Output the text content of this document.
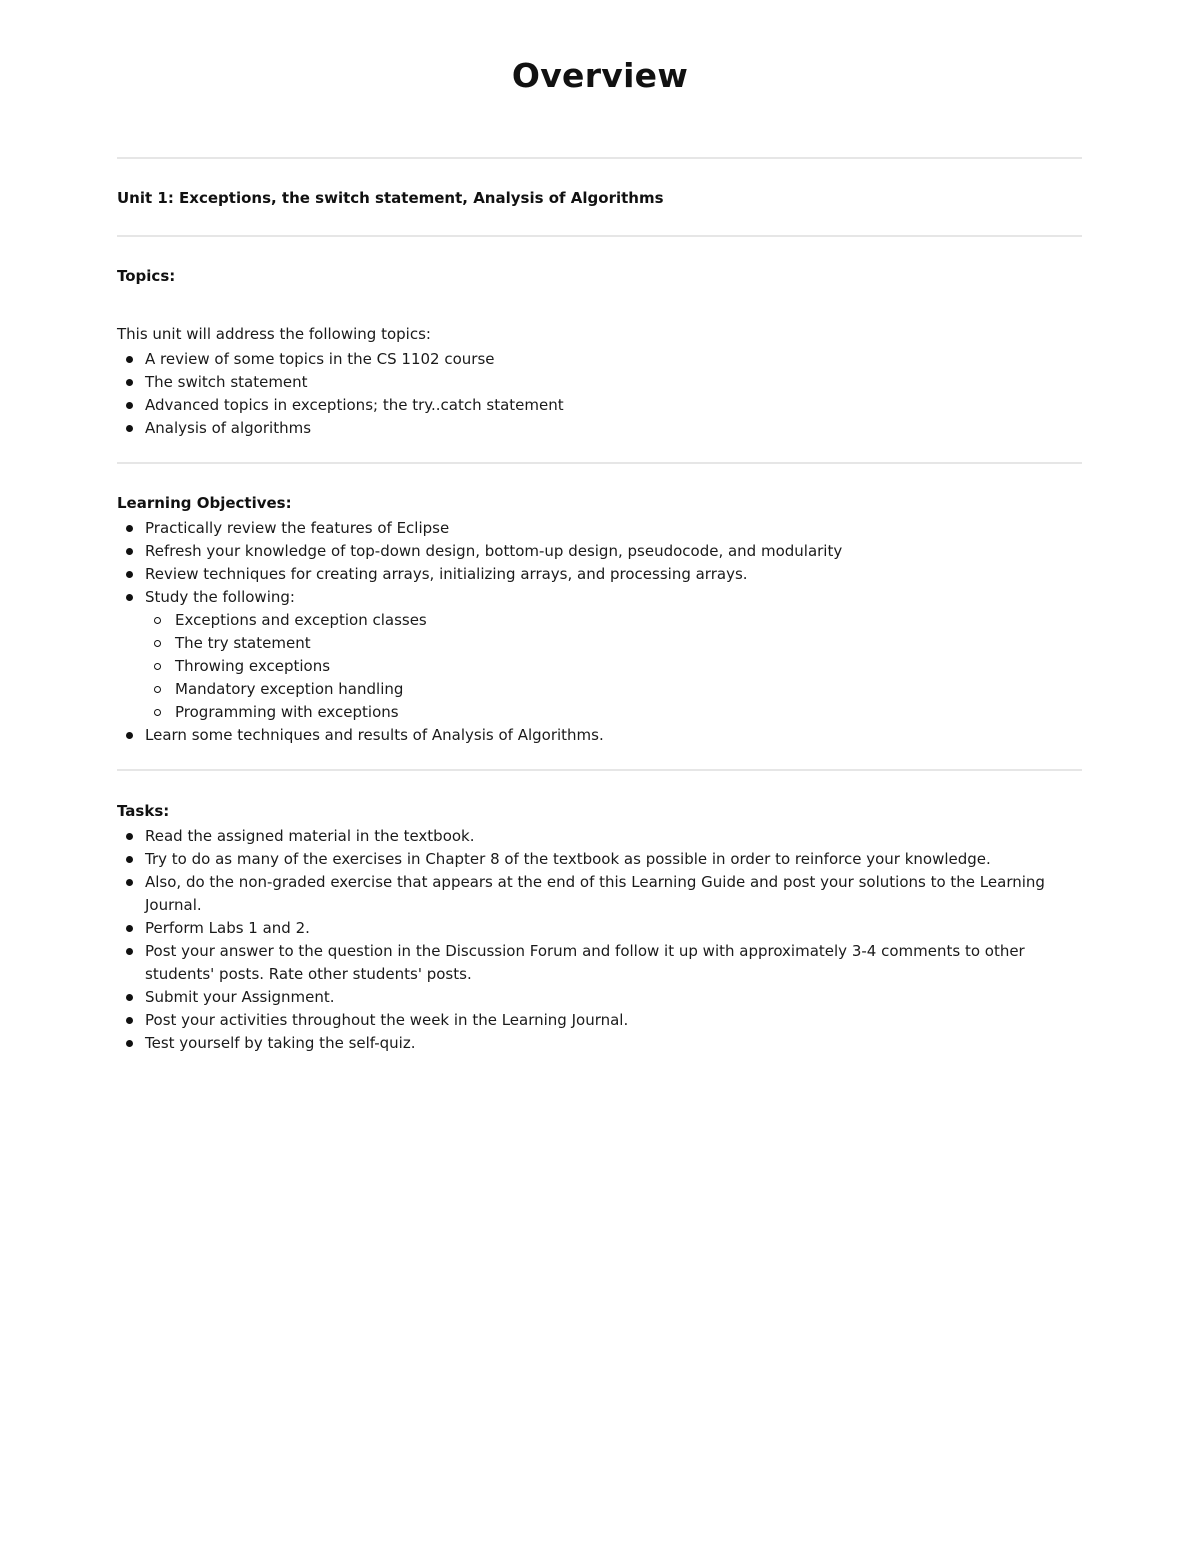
Overview
Unit 1: Exceptions, the switch statement, Analysis of Algorithms
Topics:
This unit will address the following topics:
A review of some topics in the CS 1102 course
The switch statement
Advanced topics in exceptions; the try..catch statement
Analysis of algorithms
Learning Objectives:
Practically review the features of Eclipse
Refresh your knowledge of top-down design, bottom-up design, pseudocode, and modularity
Review techniques for creating arrays, initializing arrays, and processing arrays.
Study the following:
Exceptions and exception classes
The try statement
Throwing exceptions
Mandatory exception handling
Programming with exceptions
Learn some techniques and results of Analysis of Algorithms.
Tasks:
Read the assigned material in the textbook.
Try to do as many of the exercises in Chapter 8 of the textbook as possible in order to reinforce your knowledge.
Also, do the non-graded exercise that appears at the end of this Learning Guide and post your solutions to the Learning Journal.
Perform Labs 1 and 2.
Post your answer to the question in the Discussion Forum and follow it up with approximately 3-4 comments to other students' posts. Rate other students' posts.
Submit your Assignment.
Post your activities throughout the week in the Learning Journal.
Test yourself by taking the self-quiz.
